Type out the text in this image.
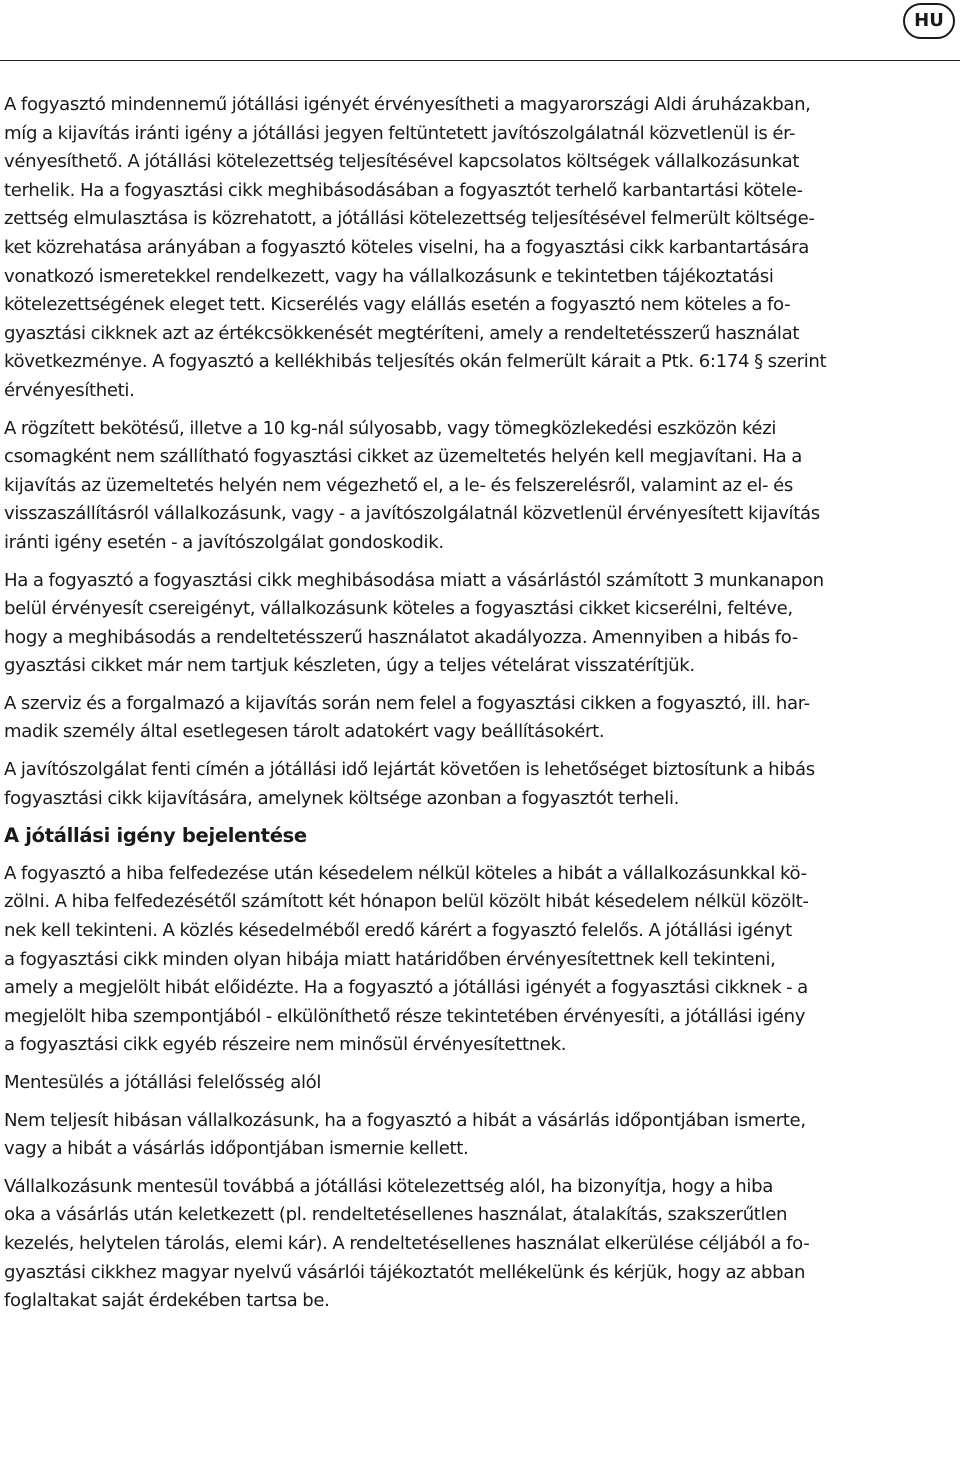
HU

A fogyasztó mindennemű jótállási igényét érvényesítheti a magyarországi Aldi áruházakban,
míg a kijavítás iránti igény a jótállási jegyen feltüntetett javítószolgálatnál közvetlenül is ér-
vényesíthető. A jótállási kötelezettség teljesítésével kapcsolatos költségek vállalkozásunkat
terhelik. Ha a fogyasztási cikk meghibásodásában a fogyasztót terhelő karbantartási kötele-
zettség elmulasztása is közrehatott, a jótállási kötelezettség teljesítésével felmerült költsége-
ket közrehatása arányában a fogyasztó köteles viselni, ha a fogyasztási cikk karbantartására
vonatkozó ismeretekkel rendelkezett, vagy ha vállalkozásunk e tekintetben tájékoztatási
kötelezettségének eleget tett. Kicserélés vagy elállás esetén a fogyasztó nem köteles a fo-
gyasztási cikknek azt az értékcsökkenését megtéríteni, amely a rendeltetésszerű használat
következménye. A fogyasztó a kellékhibás teljesítés okán felmerült kárait a Ptk. 6:174 § szerint
érvényesítheti.

A rögzített bekötésű, illetve a 10 kg-nál súlyosabb, vagy tömegközlekedési eszközön kézi
csomagként nem szállítható fogyasztási cikket az üzemeltetés helyén kell megjavítani. Ha a
kijavítás az üzemeltetés helyén nem végezhető el, a le- és felszerelésről, valamint az el- és
visszaszállításról vállalkozásunk, vagy - a javítószolgálatnál közvetlenül érvényesített kijavítás
iránti igény esetén - a javítószolgálat gondoskodik.

Ha a fogyasztó a fogyasztási cikk meghibásodása miatt a vásárlástól számított 3 munkanapon
belül érvényesít csereigényt, vállalkozásunk köteles a fogyasztási cikket kicserélni, feltéve,
hogy a meghibásodás a rendeltetésszerű használatot akadályozza. Amennyiben a hibás fo-
gyasztási cikket már nem tartjuk készleten, úgy a teljes vételárat visszatérítjük.

A szerviz és a forgalmazó a kijavítás során nem felel a fogyasztási cikken a fogyasztó, ill. har-
madik személy által esetlegesen tárolt adatokért vagy beállításokért.

A javítószolgálat fenti címén a jótállási idő lejártát követően is lehetőséget biztosítunk a hibás
fogyasztási cikk kijavítására, amelynek költsége azonban a fogyasztót terheli.

A jótállási igény bejelentése

A fogyasztó a hiba felfedezése után késedelem nélkül köteles a hibát a vállalkozásunkkal kö-
zölni. A hiba felfedezésétől számított két hónapon belül közölt hibát késedelem nélkül közölt-
nek kell tekinteni. A közlés késedelméből eredő kárért a fogyasztó felelős. A jótállási igényt
a fogyasztási cikk minden olyan hibája miatt határidőben érvényesítettnek kell tekinteni,
amely a megjelölt hibát előidézte. Ha a fogyasztó a jótállási igényét a fogyasztási cikknek - a
megjelölt hiba szempontjából - elkülöníthető része tekintetében érvényesíti, a jótállási igény
a fogyasztási cikk egyéb részeire nem minősül érvényesítettnek.

Mentesülés a jótállási felelősség alól

Nem teljesít hibásan vállalkozásunk, ha a fogyasztó a hibát a vásárlás időpontjában ismerte,
vagy a hibát a vásárlás időpontjában ismernie kellett.

Vállalkozásunk mentesül továbbá a jótállási kötelezettség alól, ha bizonyítja, hogy a hiba
oka a vásárlás után keletkezett (pl. rendeltetésellenes használat, átalakítás, szakszerűtlen
kezelés, helytelen tárolás, elemi kár). A rendeltetésellenes használat elkerülése céljából a fo-
gyasztási cikkhez magyar nyelvű vásárlói tájékoztatót mellékelünk és kérjük, hogy az abban
foglaltakat saját érdekében tartsa be.
